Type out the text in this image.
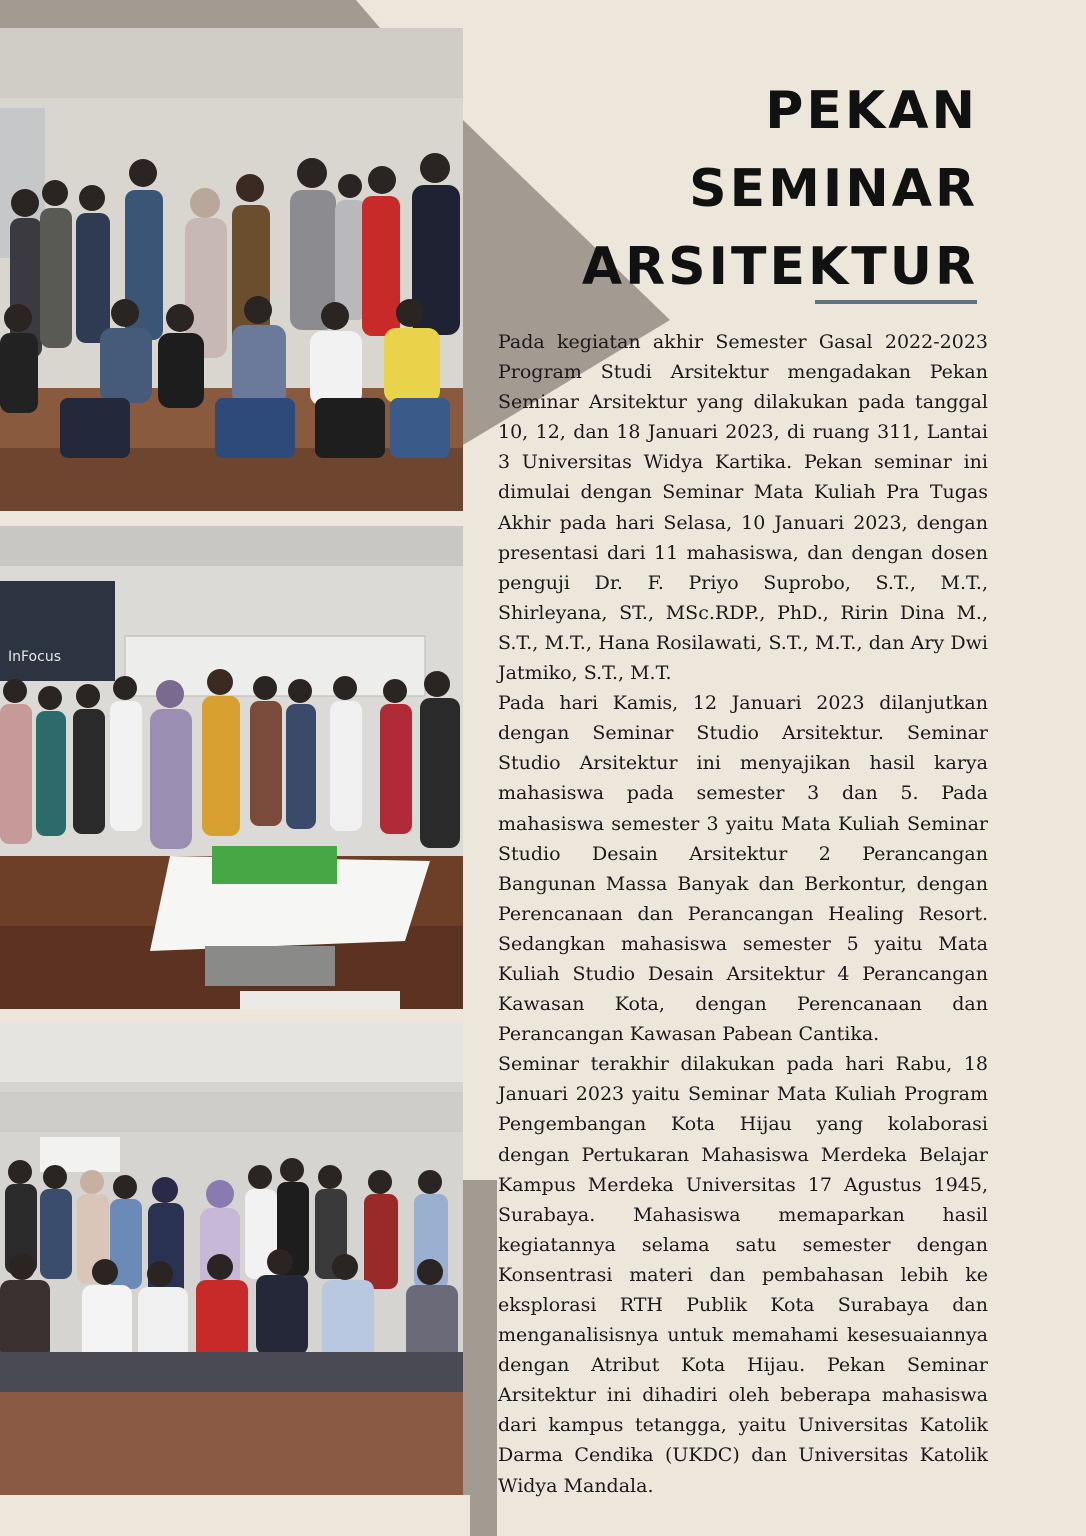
InFocus
PEKAN
SEMINAR
ARSITEKTUR

Pada kegiatan akhir Semester Gasal 2022-2023 Program Studi Arsitektur mengadakan Pekan Seminar Arsitektur yang dilakukan pada tanggal 10, 12, dan 18 Januari 2023, di ruang 311, Lantai 3 Universitas Widya Kartika. Pekan seminar ini dimulai dengan Seminar Mata Kuliah Pra Tugas Akhir pada hari Selasa, 10 Januari 2023, dengan presentasi dari 11 mahasiswa, dan dengan dosen penguji Dr. F. Priyo Suprobo, S.T., M.T., Shirleyana, ST., MSc.RDP., PhD., Ririn Dina M., S.T., M.T., Hana Rosilawati, S.T., M.T., dan Ary Dwi Jatmiko, S.T., M.T.

Pada hari Kamis, 12 Januari 2023 dilanjutkan dengan Seminar Studio Arsitektur. Seminar Studio Arsitektur ini menyajikan hasil karya mahasiswa pada semester 3 dan 5. Pada mahasiswa semester 3 yaitu Mata Kuliah Seminar Studio Desain Arsitektur 2 Perancangan Bangunan Massa Banyak dan Berkontur, dengan Perencanaan dan Perancangan Healing Resort. Sedangkan mahasiswa semester 5 yaitu Mata Kuliah Studio Desain Arsitektur 4 Perancangan Kawasan Kota, dengan Perencanaan dan Perancangan Kawasan Pabean Cantika.

Seminar terakhir dilakukan pada hari Rabu, 18 Januari 2023 yaitu Seminar Mata Kuliah Program Pengembangan Kota Hijau yang kolaborasi dengan Pertukaran Mahasiswa Merdeka Belajar Kampus Merdeka Universitas 17 Agustus 1945, Surabaya. Mahasiswa memaparkan hasil kegiatannya selama satu semester dengan Konsentrasi materi dan pembahasan lebih ke eksplorasi RTH Publik Kota Surabaya dan menganalisisnya untuk memahami kesesuaiannya dengan Atribut Kota Hijau. Pekan Seminar Arsitektur ini dihadiri oleh beberapa mahasiswa dari kampus tetangga, yaitu Universitas Katolik Darma Cendika (UKDC) dan Universitas Katolik Widya Mandala.
